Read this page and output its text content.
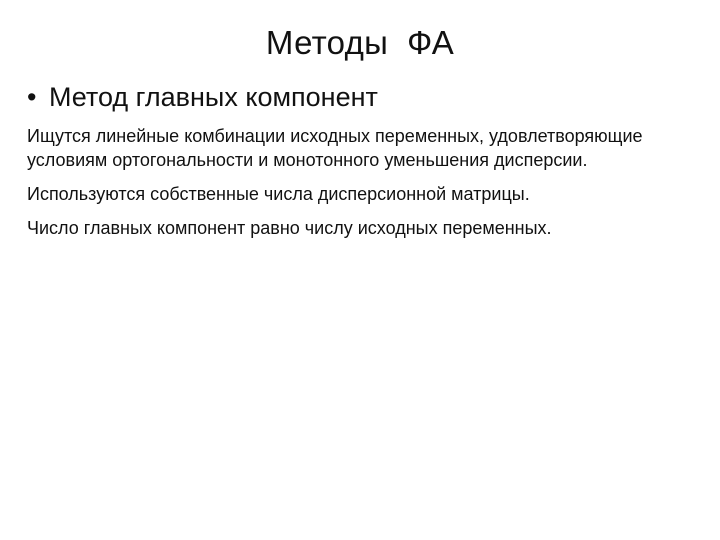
Методы  ФА
• Метод главных компонент

Ищутся линейные комбинации исходных переменных, удовлетворяющие условиям ортогональности и монотонного уменьшения дисперсии.

Используются собственные числа дисперсионной матрицы.

Число главных компонент равно числу исходных переменных.
